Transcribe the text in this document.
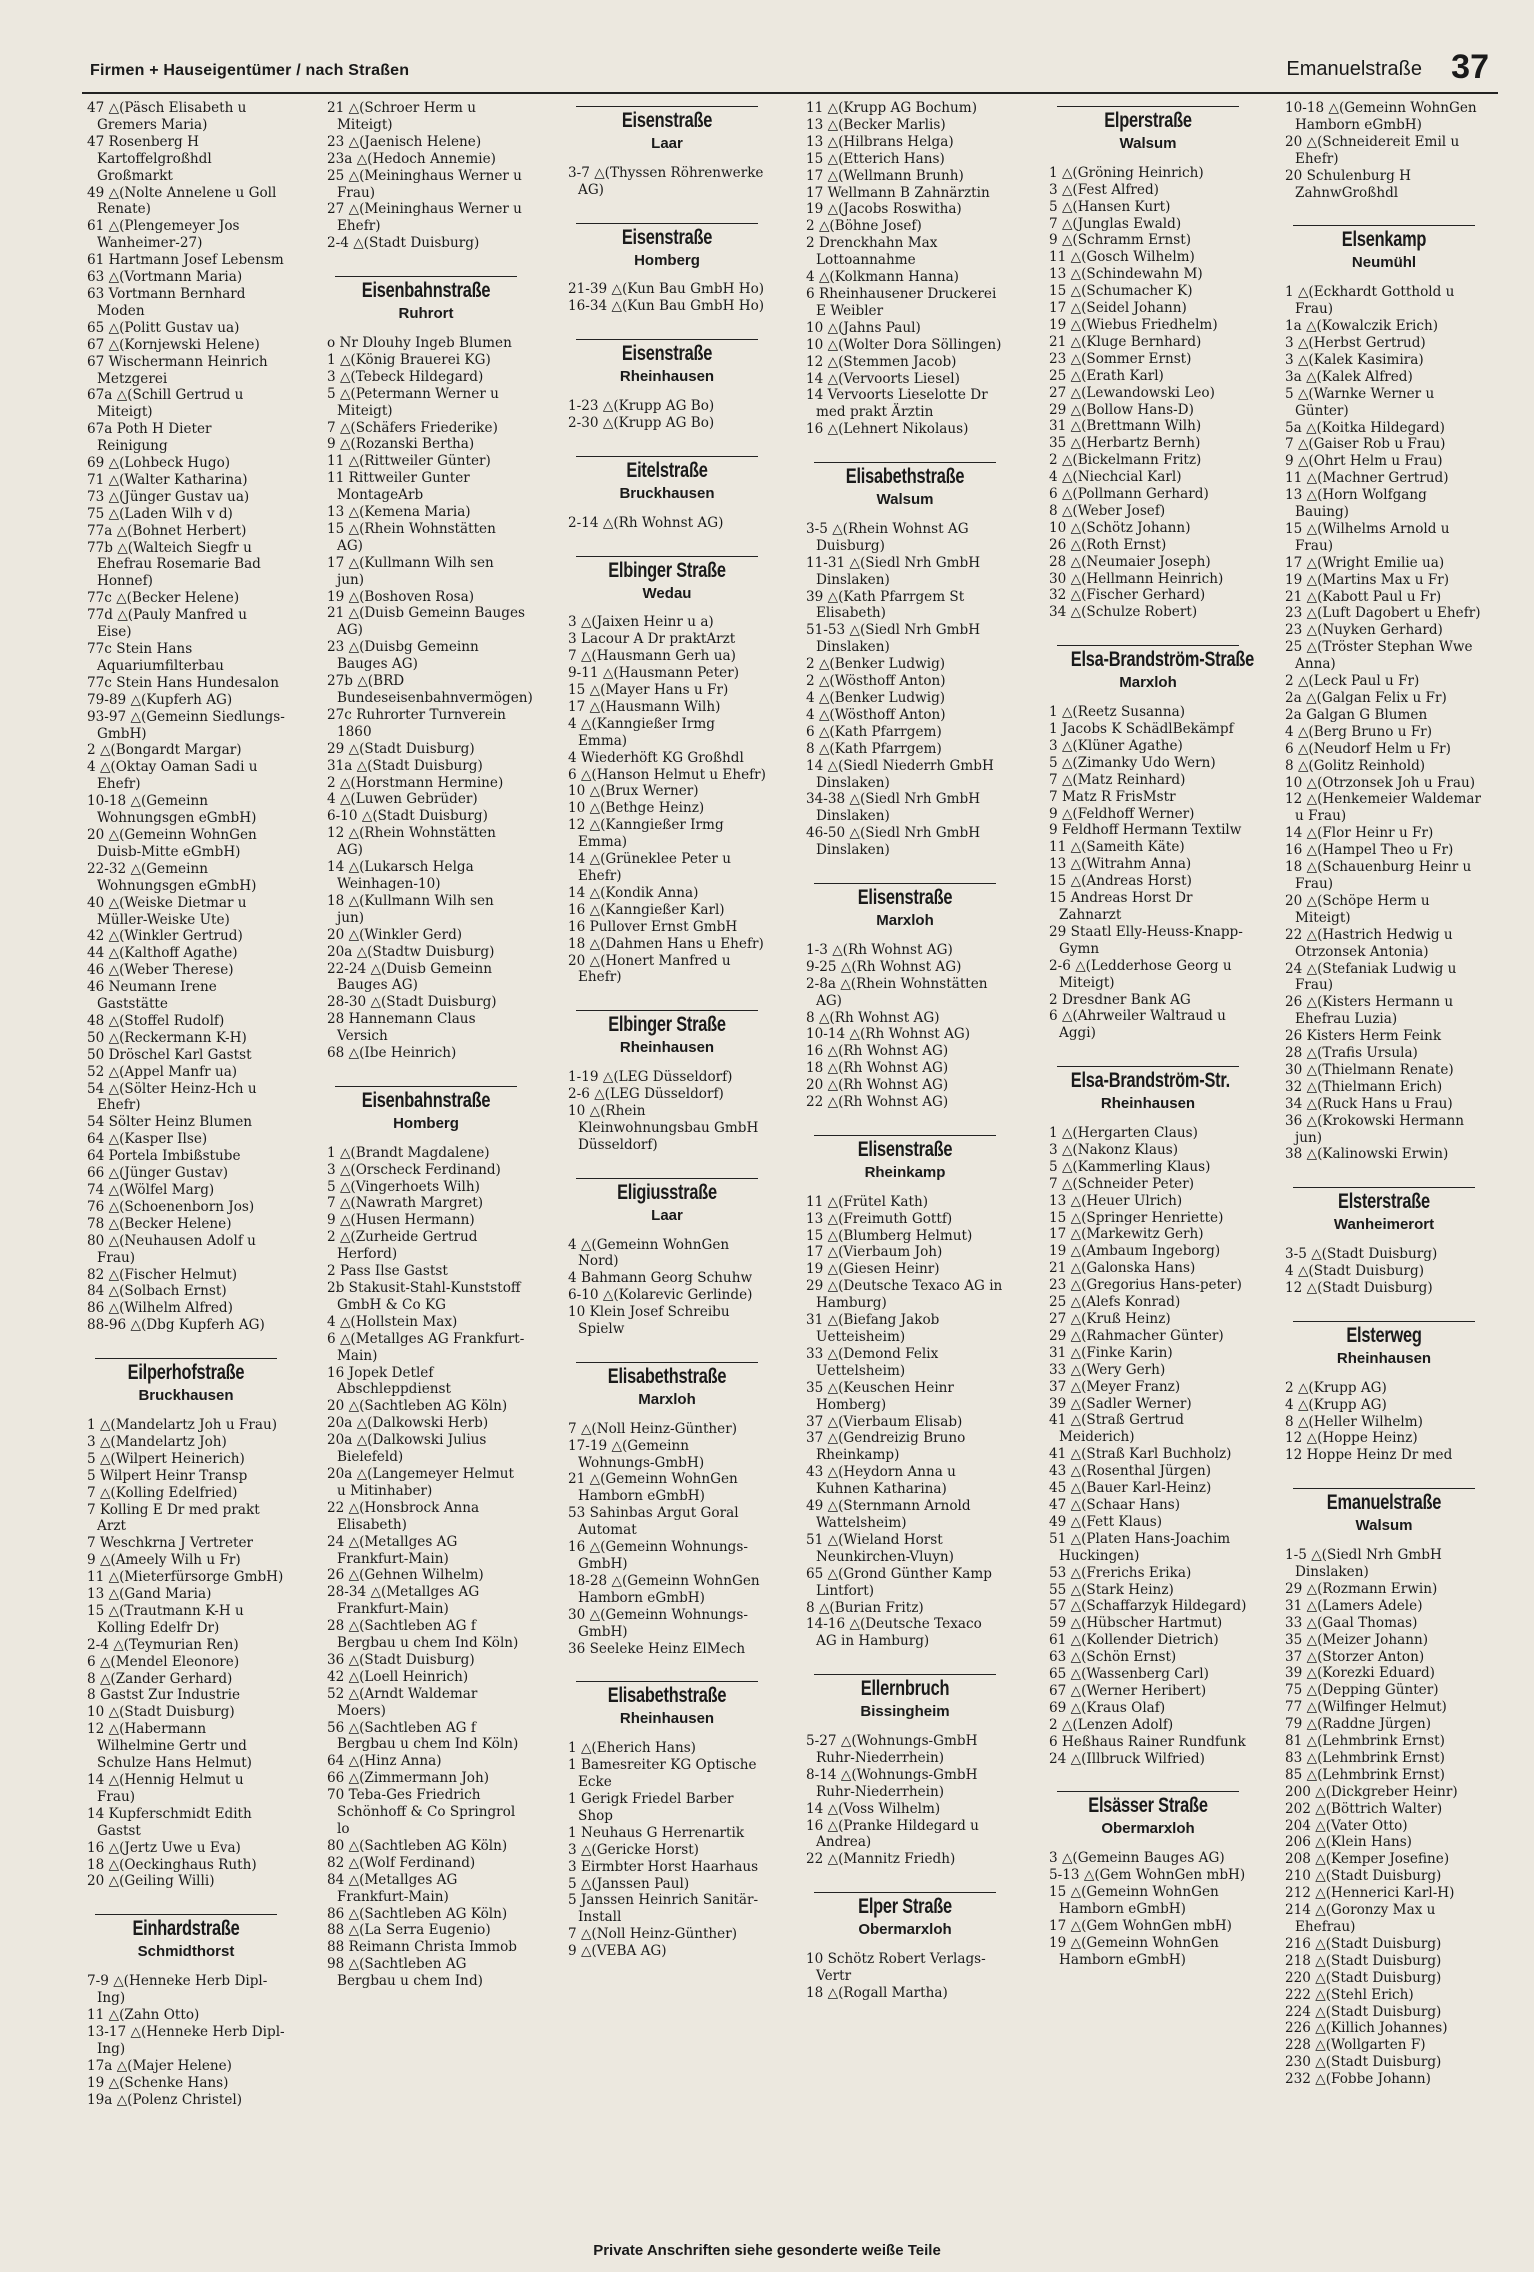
Firmen + Hauseigentümer / nach Straßen	Emanuelstraße 37

47 △(Päsch Elisabeth u Gremers Maria)

47 Rosenberg H Kartoffelgroßhdl Großmarkt

49 △(Nolte Annelene u Goll Renate)

61 △(Plengemeyer Jos Wanheimer-27)

61 Hartmann Josef Lebensm

63 △(Vortmann Maria)

63 Vortmann Bernhard Moden

65 △(Politt Gustav ua)

67 △(Kornjewski Helene)

67 Wischermann Heinrich Metzgerei

67a △(Schill Gertrud u Miteigt)

67a Poth H Dieter Reinigung

69 △(Lohbeck Hugo)

71 △(Walter Katharina)

73 △(Jünger Gustav ua)

75 △(Laden Wilh v d)

77a △(Bohnet Herbert)

77b △(Walteich Siegfr u Ehefrau Rosemarie Bad Honnef)

77c △(Becker Helene)

77d △(Pauly Manfred u Eise)

77c Stein Hans Aquariumfilterbau

77c Stein Hans Hundesalon

79-89 △(Kupferh AG)

93-97 △(Gemeinn Siedlungs-GmbH)

2 △(Bongardt Margar)

4 △(Oktay Oaman Sadi u Ehefr)

10-18 △(Gemeinn Wohnungsgen eGmbH)

20 △(Gemeinn WohnGen Duisb-Mitte eGmbH)

22-32 △(Gemeinn Wohnungsgen eGmbH)

40 △(Weiske Dietmar u Müller-Weiske Ute)

42 △(Winkler Gertrud)

44 △(Kalthoff Agathe)

46 △(Weber Therese)

46 Neumann Irene Gaststätte

48 △(Stoffel Rudolf)

50 △(Reckermann K-H)

50 Dröschel Karl Gastst

52 △(Appel Manfr ua)

54 △(Sölter Heinz-Hch u Ehefr)

54 Sölter Heinz Blumen

64 △(Kasper Ilse)

64 Portela Imbißstube

66 △(Jünger Gustav)

74 △(Wölfel Marg)

76 △(Schoenenborn Jos)

78 △(Becker Helene)

80 △(Neuhausen Adolf u Frau)

82 △(Fischer Helmut)

84 △(Solbach Ernst)

86 △(Wilhelm Alfred)

88-96 △(Dbg Kupferh AG)

Eilperhofstraße
Bruckhausen

1 △(Mandelartz Joh u Frau)

3 △(Mandelartz Joh)

5 △(Wilpert Heinerich)

5 Wilpert Heinr Transp

7 △(Kolling Edelfried)

7 Kolling E Dr med prakt Arzt

7 Weschkrna J Vertreter

9 △(Ameely Wilh u Fr)

11 △(Mieterfürsorge GmbH)

13 △(Gand Maria)

15 △(Trautmann K-H u Kolling Edelfr Dr)

2-4 △(Teymurian Ren)

6 △(Mendel Eleonore)

8 △(Zander Gerhard)

8 Gastst Zur Industrie

10 △(Stadt Duisburg)

12 △(Habermann Wilhelmine Gertr und Schulze Hans Helmut)

14 △(Hennig Helmut u Frau)

14 Kupferschmidt Edith Gastst

16 △(Jertz Uwe u Eva)

18 △(Oeckinghaus Ruth)

20 △(Geiling Willi)

Einhardstraße
Schmidthorst

7-9 △(Henneke Herb Dipl-Ing)

11 △(Zahn Otto)

13-17 △(Henneke Herb Dipl-Ing)

17a △(Majer Helene)

19 △(Schenke Hans)

19a △(Polenz Christel)

21 △(Schroer Herm u Miteigt)

23 △(Jaenisch Helene)

23a △(Hedoch Annemie)

25 △(Meininghaus Werner u Frau)

27 △(Meininghaus Werner u Ehefr)

2-4 △(Stadt Duisburg)

Eisenbahnstraße
Ruhrort

o Nr Dlouhy Ingeb Blumen

1 △(König Brauerei KG)

3 △(Tebeck Hildegard)

5 △(Petermann Werner u Miteigt)

7 △(Schäfers Friederike)

9 △(Rozanski Bertha)

11 △(Rittweiler Günter)

11 Rittweiler Gunter MontageArb

13 △(Kemena Maria)

15 △(Rhein Wohnstätten AG)

17 △(Kullmann Wilh sen jun)

19 △(Boshoven Rosa)

21 △(Duisb Gemeinn Bauges AG)

23 △(Duisbg Gemeinn Bauges AG)

27b △(BRD Bundeseisenbahnvermögen)

27c Ruhrorter Turnverein 1860

29 △(Stadt Duisburg)

31a △(Stadt Duisburg)

2 △(Horstmann Hermine)

4 △(Luwen Gebrüder)

6-10 △(Stadt Duisburg)

12 △(Rhein Wohnstätten AG)

14 △(Lukarsch Helga Weinhagen-10)

18 △(Kullmann Wilh sen jun)

20 △(Winkler Gerd)

20a △(Stadtw Duisburg)

22-24 △(Duisb Gemeinn Bauges AG)

28-30 △(Stadt Duisburg)

28 Hannemann Claus Versich

68 △(Ibe Heinrich)

Eisenbahnstraße
Homberg

1 △(Brandt Magdalene)

3 △(Orscheck Ferdinand)

5 △(Vingerhoets Wilh)

7 △(Nawrath Margret)

9 △(Husen Hermann)

2 △(Zurheide Gertrud Herford)

2 Pass Ilse Gastst

2b Stakusit-Stahl-Kunststoff GmbH & Co KG

4 △(Hollstein Max)

6 △(Metallges AG Frankfurt-Main)

16 Jopek Detlef Abschleppdienst

20 △(Sachtleben AG Köln)

20a △(Dalkowski Herb)

20a △(Dalkowski Julius Bielefeld)

20a △(Langemeyer Helmut u Mitinhaber)

22 △(Honsbrock Anna Elisabeth)

24 △(Metallges AG Frankfurt-Main)

26 △(Gehnen Wilhelm)

28-34 △(Metallges AG Frankfurt-Main)

28 △(Sachtleben AG f Bergbau u chem Ind Köln)

36 △(Stadt Duisburg)

42 △(Loell Heinrich)

52 △(Arndt Waldemar Moers)

56 △(Sachtleben AG f Bergbau u chem Ind Köln)

64 △(Hinz Anna)

66 △(Zimmermann Joh)

70 Teba-Ges Friedrich Schönhoff & Co Springrol lo

80 △(Sachtleben AG Köln)

82 △(Wolf Ferdinand)

84 △(Metallges AG Frankfurt-Main)

86 △(Sachtleben AG Köln)

88 △(La Serra Eugenio)

88 Reimann Christa Immob

98 △(Sachtleben AG Bergbau u chem Ind)

Eisenstraße
Laar

3-7 △(Thyssen Röhrenwerke AG)

Eisenstraße
Homberg

21-39 △(Kun Bau GmbH Ho)

16-34 △(Kun Bau GmbH Ho)

Eisenstraße
Rheinhausen

1-23 △(Krupp AG Bo)

2-30 △(Krupp AG Bo)

Eitelstraße
Bruckhausen

2-14 △(Rh Wohnst AG)

Elbinger Straße
Wedau

3 △(Jaixen Heinr u a)

3 Lacour A Dr praktArzt

7 △(Hausmann Gerh ua)

9-11 △(Hausmann Peter)

15 △(Mayer Hans u Fr)

17 △(Hausmann Wilh)

4 △(Kanngießer Irmg Emma)

4 Wiederhöft KG Großhdl

6 △(Hanson Helmut u Ehefr)

10 △(Brux Werner)

10 △(Bethge Heinz)

12 △(Kanngießer Irmg Emma)

14 △(Grüneklee Peter u Ehefr)

14 △(Kondik Anna)

16 △(Kanngießer Karl)

16 Pullover Ernst GmbH

18 △(Dahmen Hans u Ehefr)

20 △(Honert Manfred u Ehefr)

Elbinger Straße
Rheinhausen

1-19 △(LEG Düsseldorf)

2-6 △(LEG Düsseldorf)

10 △(Rhein Kleinwohnungsbau GmbH Düsseldorf)

Eligiusstraße
Laar

4 △(Gemeinn WohnGen Nord)

4 Bahmann Georg Schuhw

6-10 △(Kolarevic Gerlinde)

10 Klein Josef Schreibu Spielw

Elisabethstraße
Marxloh

7 △(Noll Heinz-Günther)

17-19 △(Gemeinn Wohnungs-GmbH)

21 △(Gemeinn WohnGen Hamborn eGmbH)

53 Sahinbas Argut Goral Automat

16 △(Gemeinn Wohnungs-GmbH)

18-28 △(Gemeinn WohnGen Hamborn eGmbH)

30 △(Gemeinn Wohnungs-GmbH)

36 Seeleke Heinz ElMech

Elisabethstraße
Rheinhausen

1 △(Eherich Hans)

1 Bamesreiter KG Optische Ecke

1 Gerigk Friedel Barber Shop

1 Neuhaus G Herrenartik

3 △(Gericke Horst)

3 Eirmbter Horst Haarhaus

5 △(Janssen Paul)

5 Janssen Heinrich Sanitär-Install

7 △(Noll Heinz-Günther)

9 △(VEBA AG)

11 △(Krupp AG Bochum)

13 △(Becker Marlis)

13 △(Hilbrans Helga)

15 △(Etterich Hans)

17 △(Wellmann Brunh)

17 Wellmann B Zahnärztin

19 △(Jacobs Roswitha)

2 △(Böhne Josef)

2 Drenckhahn Max Lottoannahme

4 △(Kolkmann Hanna)

6 Rheinhausener Druckerei E Weibler

10 △(Jahns Paul)

10 △(Wolter Dora Söllingen)

12 △(Stemmen Jacob)

14 △(Vervoorts Liesel)

14 Vervoorts Lieselotte Dr med prakt Ärztin

16 △(Lehnert Nikolaus)

Elisabethstraße
Walsum

3-5 △(Rhein Wohnst AG Duisburg)

11-31 △(Siedl Nrh GmbH Dinslaken)

39 △(Kath Pfarrgem St Elisabeth)

51-53 △(Siedl Nrh GmbH Dinslaken)

2 △(Benker Ludwig)

2 △(Wösthoff Anton)

4 △(Benker Ludwig)

4 △(Wösthoff Anton)

6 △(Kath Pfarrgem)

8 △(Kath Pfarrgem)

14 △(Siedl Niederrh GmbH Dinslaken)

34-38 △(Siedl Nrh GmbH Dinslaken)

46-50 △(Siedl Nrh GmbH Dinslaken)

Elisenstraße
Marxloh

1-3 △(Rh Wohnst AG)

9-25 △(Rh Wohnst AG)

2-8a △(Rhein Wohnstätten AG)

8 △(Rh Wohnst AG)

10-14 △(Rh Wohnst AG)

16 △(Rh Wohnst AG)

18 △(Rh Wohnst AG)

20 △(Rh Wohnst AG)

22 △(Rh Wohnst AG)

Elisenstraße
Rheinkamp

11 △(Frütel Kath)

13 △(Freimuth Gottf)

15 △(Blumberg Helmut)

17 △(Vierbaum Joh)

19 △(Giesen Heinr)

29 △(Deutsche Texaco AG in Hamburg)

31 △(Biefang Jakob Uetteisheim)

33 △(Demond Felix Uettelsheim)

35 △(Keuschen Heinr Homberg)

37 △(Vierbaum Elisab)

37 △(Gendreizig Bruno Rheinkamp)

43 △(Heydorn Anna u Kuhnen Katharina)

49 △(Sternmann Arnold Wattelsheim)

51 △(Wieland Horst Neunkirchen-Vluyn)

65 △(Grond Günther Kamp Lintfort)

8 △(Burian Fritz)

14-16 △(Deutsche Texaco AG in Hamburg)

Ellernbruch
Bissingheim

5-27 △(Wohnungs-GmbH Ruhr-Niederrhein)

8-14 △(Wohnungs-GmbH Ruhr-Niederrhein)

14 △(Voss Wilhelm)

16 △(Pranke Hildegard u Andrea)

22 △(Mannitz Friedh)

Elper Straße
Obermarxloh

10 Schötz Robert Verlags-Vertr

18 △(Rogall Martha)

Elperstraße
Walsum

1 △(Gröning Heinrich)

3 △(Fest Alfred)

5 △(Hansen Kurt)

7 △(Junglas Ewald)

9 △(Schramm Ernst)

11 △(Gosch Wilhelm)

13 △(Schindewahn M)

15 △(Schumacher K)

17 △(Seidel Johann)

19 △(Wiebus Friedhelm)

21 △(Kluge Bernhard)

23 △(Sommer Ernst)

25 △(Erath Karl)

27 △(Lewandowski Leo)

29 △(Bollow Hans-D)

31 △(Brettmann Wilh)

35 △(Herbartz Bernh)

2 △(Bickelmann Fritz)

4 △(Niechcial Karl)

6 △(Pollmann Gerhard)

8 △(Weber Josef)

10 △(Schötz Johann)

26 △(Roth Ernst)

28 △(Neumaier Joseph)

30 △(Hellmann Heinrich)

32 △(Fischer Gerhard)

34 △(Schulze Robert)

Elsa-Brandström-Straße
Marxloh

1 △(Reetz Susanna)

1 Jacobs K SchädlBekämpf

3 △(Klüner Agathe)

5 △(Zimanky Udo Wern)

7 △(Matz Reinhard)

7 Matz R FrisMstr

9 △(Feldhoff Werner)

9 Feldhoff Hermann Textilw

11 △(Sameith Käte)

13 △(Witrahm Anna)

15 △(Andreas Horst)

15 Andreas Horst Dr Zahnarzt

29 Staatl Elly-Heuss-Knapp-Gymn

2-6 △(Ledderhose Georg u Miteigt)

2 Dresdner Bank AG

6 △(Ahrweiler Waltraud u Aggi)

Elsa-Brandström-Str.
Rheinhausen

1 △(Hergarten Claus)

3 △(Nakonz Klaus)

5 △(Kammerling Klaus)

7 △(Schneider Peter)

13 △(Heuer Ulrich)

15 △(Springer Henriette)

17 △(Markewitz Gerh)

19 △(Ambaum Ingeborg)

21 △(Galonska Hans)

23 △(Gregorius Hans-peter)

25 △(Alefs Konrad)

27 △(Kruß Heinz)

29 △(Rahmacher Günter)

31 △(Finke Karin)

33 △(Wery Gerh)

37 △(Meyer Franz)

39 △(Sadler Werner)

41 △(Straß Gertrud Meiderich)

41 △(Straß Karl Buchholz)

43 △(Rosenthal Jürgen)

45 △(Bauer Karl-Heinz)

47 △(Schaar Hans)

49 △(Fett Klaus)

51 △(Platen Hans-Joachim Huckingen)

53 △(Frerichs Erika)

55 △(Stark Heinz)

57 △(Schaffarzyk Hildegard)

59 △(Hübscher Hartmut)

61 △(Kollender Dietrich)

63 △(Schön Ernst)

65 △(Wassenberg Carl)

67 △(Werner Heribert)

69 △(Kraus Olaf)

2 △(Lenzen Adolf)

6 Heßhaus Rainer Rundfunk

24 △(Illbruck Wilfried)

Elsässer Straße
Obermarxloh

3 △(Gemeinn Bauges AG)

5-13 △(Gem WohnGen mbH)

15 △(Gemeinn WohnGen Hamborn eGmbH)

17 △(Gem WohnGen mbH)

19 △(Gemeinn WohnGen Hamborn eGmbH)

10-18 △(Gemeinn WohnGen Hamborn eGmbH)

20 △(Schneidereit Emil u Ehefr)

20 Schulenburg H ZahnwGroßhdl

Elsenkamp
Neumühl

1 △(Eckhardt Gotthold u Frau)

1a △(Kowalczik Erich)

3 △(Herbst Gertrud)

3 △(Kalek Kasimira)

3a △(Kalek Alfred)

5 △(Warnke Werner u Günter)

5a △(Koitka Hildegard)

7 △(Gaiser Rob u Frau)

9 △(Ohrt Helm u Frau)

11 △(Machner Gertrud)

13 △(Horn Wolfgang Bauing)

15 △(Wilhelms Arnold u Frau)

17 △(Wright Emilie ua)

19 △(Martins Max u Fr)

21 △(Kabott Paul u Fr)

23 △(Luft Dagobert u Ehefr)

23 △(Nuyken Gerhard)

25 △(Tröster Stephan Wwe Anna)

2 △(Leck Paul u Fr)

2a △(Galgan Felix u Fr)

2a Galgan G Blumen

4 △(Berg Bruno u Fr)

6 △(Neudorf Helm u Fr)

8 △(Golitz Reinhold)

10 △(Otrzonsek Joh u Frau)

12 △(Henkemeier Waldemar u Frau)

14 △(Flor Heinr u Fr)

16 △(Hampel Theo u Fr)

18 △(Schauenburg Heinr u Frau)

20 △(Schöpe Herm u Miteigt)

22 △(Hastrich Hedwig u Otrzonsek Antonia)

24 △(Stefaniak Ludwig u Frau)

26 △(Kisters Hermann u Ehefrau Luzia)

26 Kisters Herm Feink

28 △(Trafis Ursula)

30 △(Thielmann Renate)

32 △(Thielmann Erich)

34 △(Ruck Hans u Frau)

36 △(Krokowski Hermann jun)

38 △(Kalinowski Erwin)

Elsterstraße
Wanheimerort

3-5 △(Stadt Duisburg)

4 △(Stadt Duisburg)

12 △(Stadt Duisburg)

Elsterweg
Rheinhausen

2 △(Krupp AG)

4 △(Krupp AG)

8 △(Heller Wilhelm)

12 △(Hoppe Heinz)

12 Hoppe Heinz Dr med

Emanuelstraße
Walsum

1-5 △(Siedl Nrh GmbH Dinslaken)

29 △(Rozmann Erwin)

31 △(Lamers Adele)

33 △(Gaal Thomas)

35 △(Meizer Johann)

37 △(Storzer Anton)

39 △(Korezki Eduard)

75 △(Depping Günter)

77 △(Wilfinger Helmut)

79 △(Raddne Jürgen)

81 △(Lehmbrink Ernst)

83 △(Lehmbrink Ernst)

85 △(Lehmbrink Ernst)

200 △(Dickgreber Heinr)

202 △(Böttrich Walter)

204 △(Vater Otto)

206 △(Klein Hans)

208 △(Kemper Josefine)

210 △(Stadt Duisburg)

212 △(Hennerici Karl-H)

214 △(Goronzy Max u Ehefrau)

216 △(Stadt Duisburg)

218 △(Stadt Duisburg)

220 △(Stadt Duisburg)

222 △(Stehl Erich)

224 △(Stadt Duisburg)

226 △(Killich Johannes)

228 △(Wollgarten F)

230 △(Stadt Duisburg)

232 △(Fobbe Johann)

Private Anschriften siehe gesonderte weiße Teile
